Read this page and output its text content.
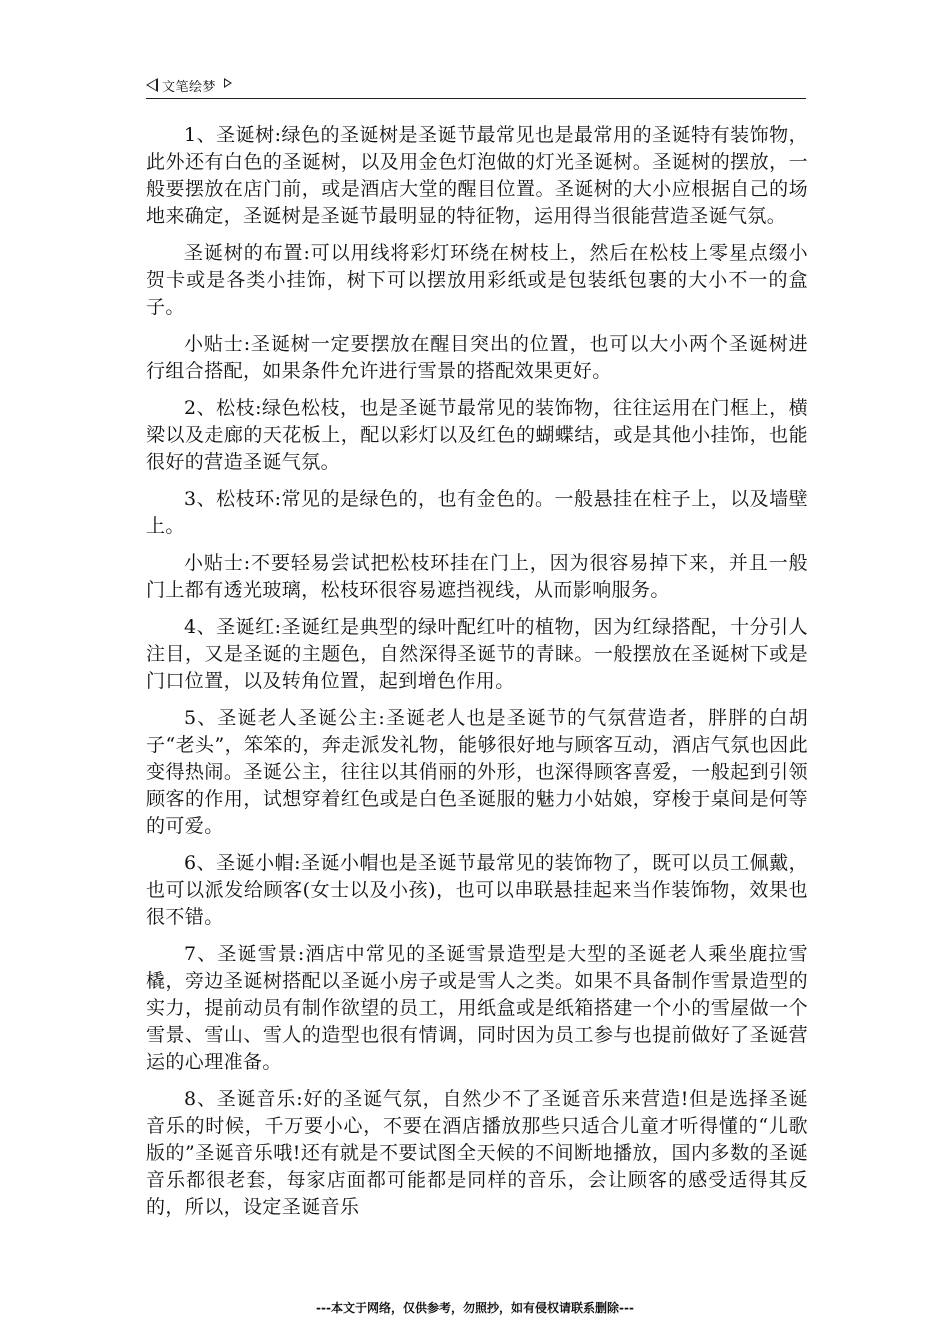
文笔绘梦

1、圣诞树:绿色的圣诞树是圣诞节最常见也是最常用的圣诞特有装饰物，此外还有白色的圣诞树，以及用金色灯泡做的灯光圣诞树。圣诞树的摆放，一般要摆放在店门前，或是酒店大堂的醒目位置。圣诞树的大小应根据自己的场地来确定，圣诞树是圣诞节最明显的特征物，运用得当很能营造圣诞气氛。

圣诞树的布置:可以用线将彩灯环绕在树枝上，然后在松枝上零星点缀小贺卡或是各类小挂饰，树下可以摆放用彩纸或是包装纸包裹的大小不一的盒子。

小贴士:圣诞树一定要摆放在醒目突出的位置，也可以大小两个圣诞树进行组合搭配，如果条件允许进行雪景的搭配效果更好。

2、松枝:绿色松枝，也是圣诞节最常见的装饰物，往往运用在门框上，横梁以及走廊的天花板上，配以彩灯以及红色的蝴蝶结，或是其他小挂饰，也能很好的营造圣诞气氛。

3、松枝环:常见的是绿色的，也有金色的。一般悬挂在柱子上，以及墙壁上。

小贴士:不要轻易尝试把松枝环挂在门上，因为很容易掉下来，并且一般门上都有透光玻璃，松枝环很容易遮挡视线，从而影响服务。

4、圣诞红:圣诞红是典型的绿叶配红叶的植物，因为红绿搭配，十分引人注目，又是圣诞的主题色，自然深得圣诞节的青睐。一般摆放在圣诞树下或是门口位置，以及转角位置，起到增色作用。

5、圣诞老人圣诞公主:圣诞老人也是圣诞节的气氛营造者，胖胖的白胡子“老头”，笨笨的，奔走派发礼物，能够很好地与顾客互动，酒店气氛也因此变得热闹。圣诞公主，往往以其俏丽的外形，也深得顾客喜爱，一般起到引领顾客的作用，试想穿着红色或是白色圣诞服的魅力小姑娘，穿梭于桌间是何等的可爱。

6、圣诞小帽:圣诞小帽也是圣诞节最常见的装饰物了，既可以员工佩戴，也可以派发给顾客(女士以及小孩)，也可以串联悬挂起来当作装饰物，效果也很不错。

7、圣诞雪景:酒店中常见的圣诞雪景造型是大型的圣诞老人乘坐鹿拉雪橇，旁边圣诞树搭配以圣诞小房子或是雪人之类。如果不具备制作雪景造型的实力，提前动员有制作欲望的员工，用纸盒或是纸箱搭建一个小的雪屋做一个雪景、雪山、雪人的造型也很有情调，同时因为员工参与也提前做好了圣诞营运的心理准备。

8、圣诞音乐:好的圣诞气氛，自然少不了圣诞音乐来营造!但是选择圣诞音乐的时候，千万要小心，不要在酒店播放那些只适合儿童才听得懂的“儿歌版的”圣诞音乐哦!还有就是不要试图全天候的不间断地播放，国内多数的圣诞音乐都很老套，每家店面都可能都是同样的音乐，会让顾客的感受适得其反的，所以，设定圣诞音乐

---本文于网络，仅供参考，勿照抄，如有侵权请联系删除---
